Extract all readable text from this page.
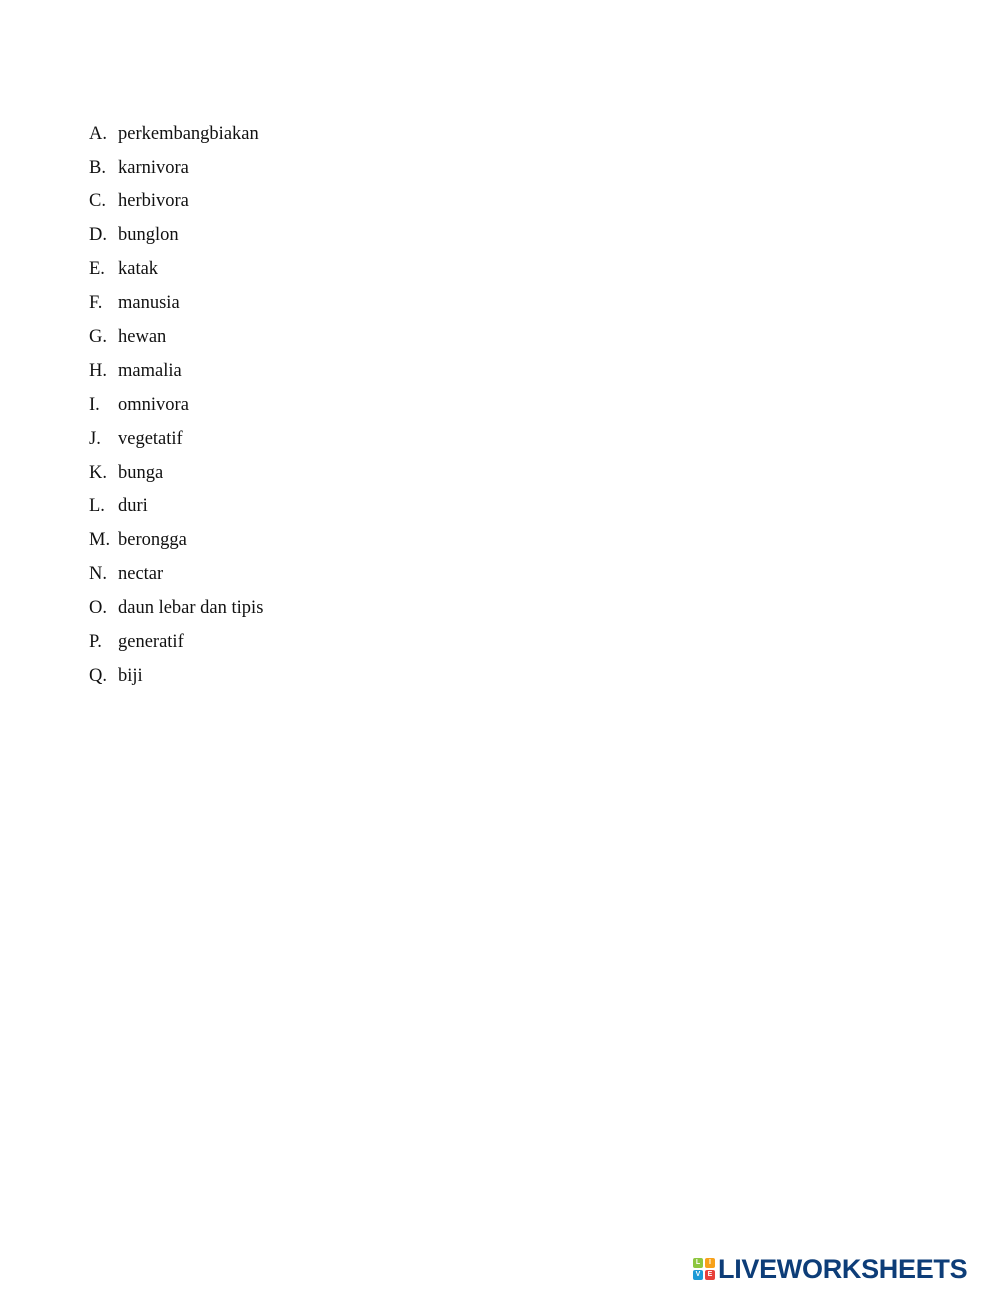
A. perkembangbiakan
B. karnivora
C. herbivora
D. bunglon
E. katak
F. manusia
G. hewan
H. mamalia
I. omnivora
J. vegetatif
K. bunga
L. duri
M. berongga
N. nectar
O. daun lebar dan tipis
P. generatif
Q. biji
L	I
V	E LIVEWORKSHEETS
